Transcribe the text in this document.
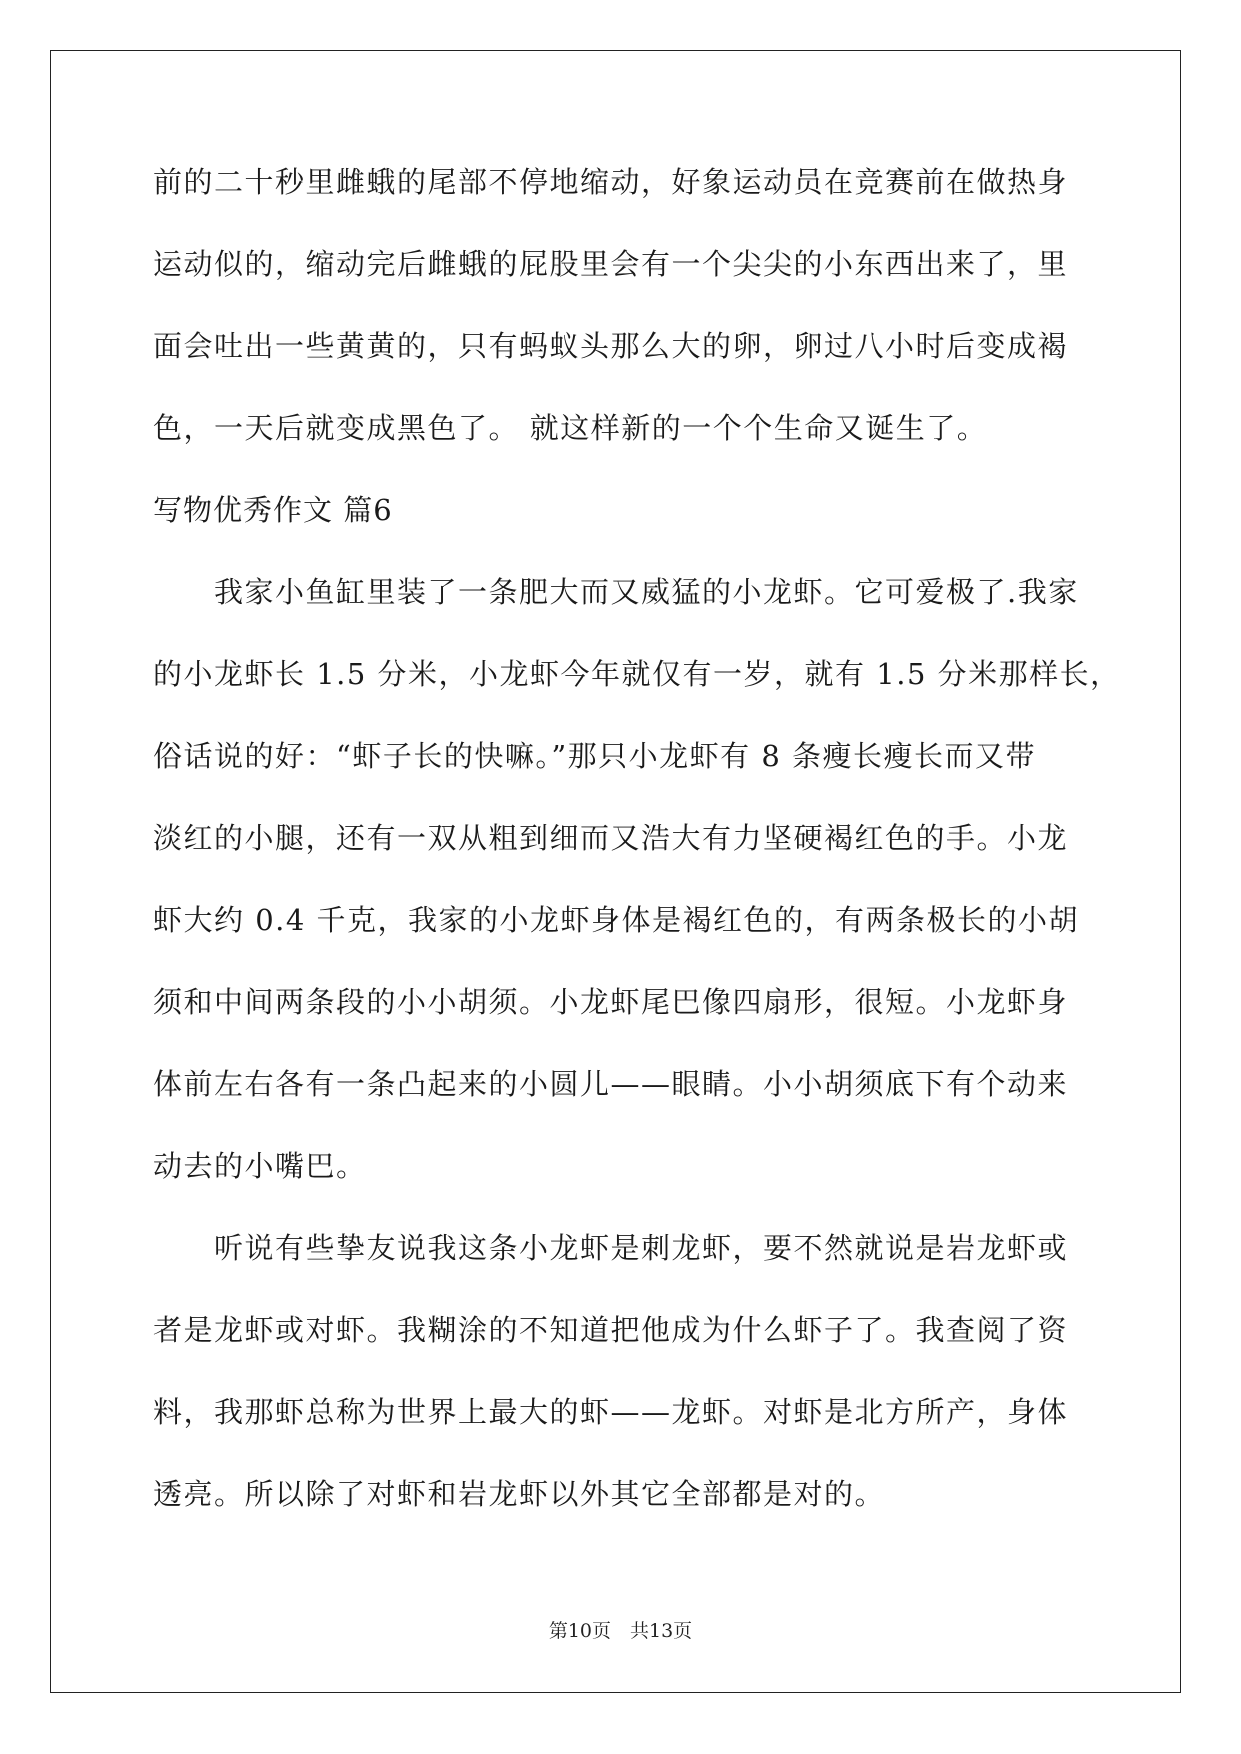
前的二十秒里雌蛾的尾部不停地缩动，好象运动员在竞赛前在做热身
运动似的，缩动完后雌蛾的屁股里会有一个尖尖的小东西出来了，里
面会吐出一些黄黄的，只有蚂蚁头那么大的卵，卵过八小时后变成褐
色，一天后就变成黑色了。 就这样新的一个个生命又诞生了。
写物优秀作文 篇6
　　我家小鱼缸里装了一条肥大而又威猛的小龙虾。它可爱极了.我家
的小龙虾长 1.5 分米，小龙虾今年就仅有一岁，就有 1.5 分米那样长，
俗话说的好：“虾子长的快嘛。”那只小龙虾有 8 条瘦长瘦长而又带
淡红的小腿，还有一双从粗到细而又浩大有力坚硬褐红色的手。小龙
虾大约 0.4 千克，我家的小龙虾身体是褐红色的，有两条极长的小胡
须和中间两条段的小小胡须。小龙虾尾巴像四扇形，很短。小龙虾身
体前左右各有一条凸起来的小圆儿——眼睛。小小胡须底下有个动来
动去的小嘴巴。
　　听说有些挚友说我这条小龙虾是刺龙虾，要不然就说是岩龙虾或
者是龙虾或对虾。我糊涂的不知道把他成为什么虾子了。我查阅了资
料，我那虾总称为世界上最大的虾——龙虾。对虾是北方所产，身体
透亮。所以除了对虾和岩龙虾以外其它全部都是对的。
第10页　共13页
